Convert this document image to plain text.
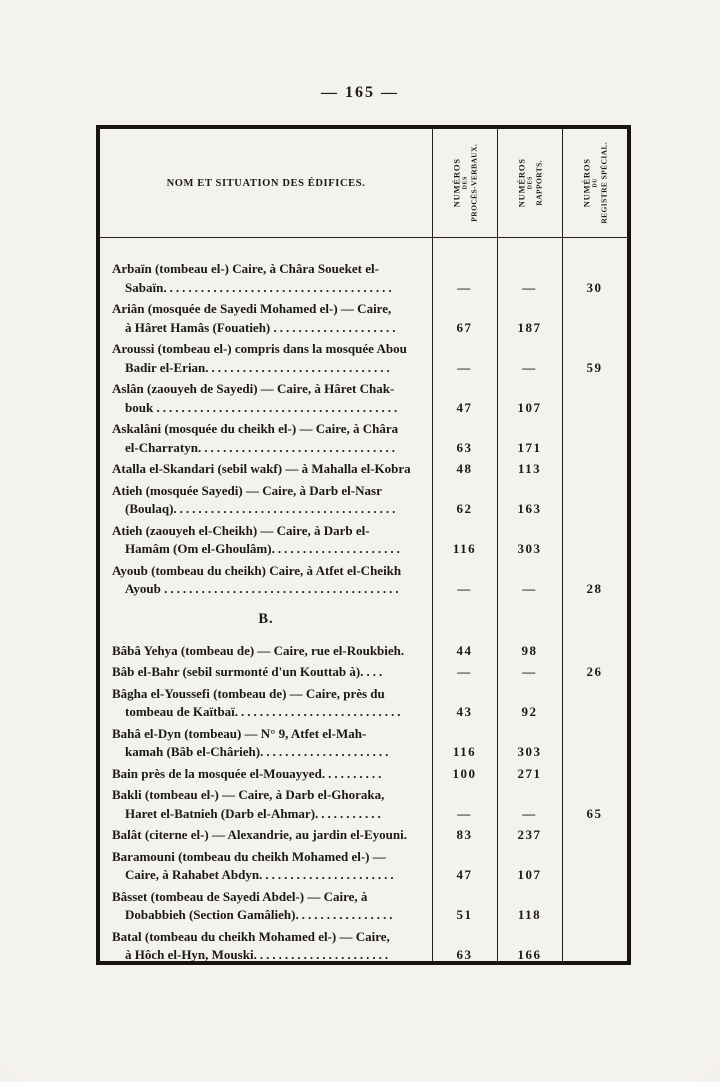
— 165 —
NOM ET SITUATION DES ÉDIFICES.	NUMÉROS DES PROCÈS-VERBAUX.	NUMÉROS DES RAPPORTS.	NUMÉROS DU REGISTRE SPÉCIAL.
Arbaïn (tombeau el-) Caire, à Châra Soueket el-
Sabaïn.....................................	—	—	30
Ariân (mosquée de Sayedi Mohamed el-) — Caire,
à Hâret Hamâs (Fouatieh) ....................	67	187
Aroussi (tombeau el-) compris dans la mosquée Abou
Badir el-Erian..............................	—	—	59
Aslân (zaouyeh de Sayedi) — Caire, à Hâret Chak-
bouk .......................................	47	107
Askalâni (mosquée du cheikh el-) — Caire, à Châra
el-Charratyn................................	63	171
Atalla el-Skandari (sebil wakf) — à Mahalla el-Kobra	48	113
Atieh (mosquée Sayedi) — Caire, à Darb el-Nasr
(Boulaq)....................................	62	163
Atieh (zaouyeh el-Cheikh) — Caire, à Darb el-
Hamâm (Om el-Ghoulâm).....................	116	303
Ayoub (tombeau du cheikh) Caire, à Atfet el-Cheikh
Ayoub ......................................	—	—	28
B.
Bâbâ Yehya (tombeau de) — Caire, rue el-Roukbieh.	44	98
Bâb el-Bahr (sebil surmonté d'un Kouttab à)....	—	—	26
Bâgha el-Youssefi (tombeau de) — Caire, près du
tombeau de Kaïtbaï...........................	43	92
Bahâ el-Dyn (tombeau) — N° 9, Atfet el-Mah-
kamah (Bâb el-Chârieh).....................	116	303
Bain près de la mosquée el-Mouayyed..........	100	271
Bakli (tombeau el-) — Caire, à Darb el-Ghoraka,
Haret el-Batnieh (Darb el-Ahmar)...........	—	—	65
Balât (citerne el-) — Alexandrie, au jardin el-Eyouni.	83	237
Baramouni (tombeau du cheikh Mohamed el-) —
Caire, à Rahabet Abdyn......................	47	107
Bâsset (tombeau de Sayedi Abdel-) — Caire, à
Dobabbieh (Section Gamâlieh)................	51	118
Batal (tombeau du cheikh Mohamed el-) — Caire,
à Hôch el-Hyn, Mouski......................	63	166
